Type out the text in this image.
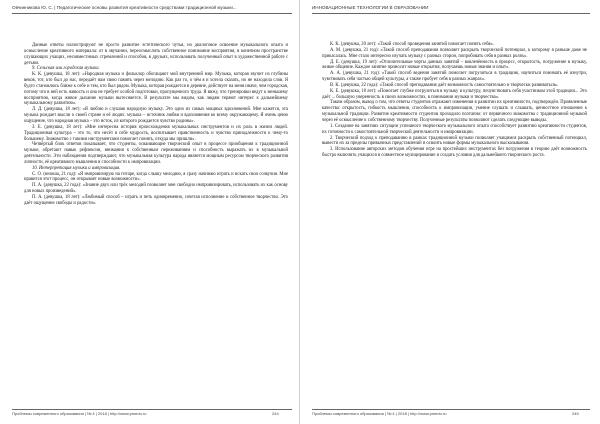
Овчинникова Ю. С. | Педагогические основы развития креативности средствами традиционной музыки...

Данные ответы иллюстрируют не просто развитие эстетического чутья, но диалоговое освоение музыкального опыта и осмысление креативного материала: от в звучании, переосмыслить собственное понимание восприятия, в конечном пространстве слушающих учащих, несовместимых стремлений и способов, в друзьях, использовать полученный опыт в художественной работе с детьми.

9. Сельская или городская музыка.

К. К. (девушка, 18 лет): «Народная музыка и фольклор обогащают мой внутренний мир. Музыка, которая звучит из глубины веков, тот, кто был до нас, передаёт нам свою память через мелодию. Как раз то, о чём я и хотела сказать, но не находила слов. Я будто становлюсь ближе к себе и тем, кто был рядом. Музыка, которая рождается в деревне, действует на меня иначе, чем городская, потому что в ней есть живость и она не требует особой подготовки, пропущенного труда. Я вижу, что тренировки ведут к меньшему восприятию, когда живое дыхание музыки вытесняется. В результате мы видим, как людям теряют интерес к дальнейшему музыкальному развитию».

Л. Д. (девушка, 18 лет): «Я люблю и слушаю народную музыку. Это одно из самых мощных вдохновений. Мне кажется, эта музыка рождает мысли о своей стране и её людях: музыка – источник любви и вдохновения ко всему окружающему. Я очень ценю ощущение, что народная музыка – это исток, из которого рождается чувство родины».

З. Е. (девушка, 18 лет): «Мне интересна история происхождения музыкальных инструментов и их роль в жизни людей. Традиционная культура – это то, что несёт в себе мудрость, воспитывает нравственность и чувство принадлежности к чему-то большему. Знакомство с такими инструментами помогает понять, откуда мы пришли».

Четвёртый блок ответов показывает, что студенты, осваивающие творческий опыт в процессе приобщения к традиционной музыке, обретают навык рефлексии, внимания к собственным переживаниям и способность выражать их в музыкальной деятельности. Эти наблюдения подтверждают, что музыкальная культура народа является мощным ресурсом творческого развития личности, её креативного мышления и способности к импровизации.

10. Интерпретация музыки и импровизация.

С. О. (юноша, 21 год): «Я импровизирую на гитаре, когда слышу мелодию, я сразу начинаю играть и искать свои созвучия. Мне нравится этот процесс, он открывает новые возможности».

П. А. (девушка, 22 года): «Знание двух или трёх мелодий позволяет мне свободно импровизировать, использовать их как основу для новых произведений».

П. А. (девушка, 18 лет): «Любимый способ – играть и петь одновременно, сочетая исполнение и собственное творчество. Это даёт ощущение свободы и радости».

Проблемы современного образования | № 4 | 2018 | http://www.pmedu.ru	244
ИННОВАЦИОННЫЕ ТЕХНОЛОГИИ В ОБРАЗОВАНИИ

К. К. (девушка, 20 лет): «Такой способ проведения занятий помогает понять себя».

А. М. (девушка, 21 год): «Такой способ преподавания позволяет раскрыть творческий потенциал, к которому я раньше даже не прикасалась. Мне стало интересно изучать музыку с разных сторон, попробовать себя в разных ролях».

Д. Е. (девушка, 19 лет): «Отличительные черты данных занятий – вовлечённость в процесс, открытость, погружение в музыку, живое общение. Каждое занятие приносит новые открытия, получаешь новые знания и опыт».

А. А. (девушка, 21 год): «Такой способ ведения занятий помогает погрузиться в традицию, научиться понимать её изнутри, чувствовать себя частью общей культуры, а также пробует себя в разных жанрах».

В. К. (девушка, 22 года): «Такой способ преподавания даёт возможность самостоятельно и творчески развиваться».

К. Е. (девушка, 18 лет): «Помогает глубже погрузиться в музыку и культуру, почувствовать себя участником этой традиции... Это даёт ... большую уверенность в своих возможностях, в понимании музыки и творчества».

Таким образом, вывод о том, что ответы студентов отражают изменения в развитии их креативности, подтверждён. Проявленные качества: открытость, гибкость мышления, способность к импровизации, умение слушать и слышать, ценностное отношение к музыкальной традиции. Развитие креативности студентов проходило поэтапно: от первичного знакомства с традиционной музыкой через её осмысление к собственному творчеству. Полученные результаты позволяют сделать следующие выводы.

1. Создание на занятиях ситуации успешного творческого музыкального опыта способствует развитию креативности студентов, их готовности к самостоятельной творческой деятельности и импровизации.

2. Творческий подход к преподаванию в рамках традиционной музыки позволяет учащимся раскрыть собственный потенциал, вывести их за пределы привычных представлений и освоить новые формы музыкального высказывания.

3. Использование авторских методов обучения игре на простейших инструментах без погружения в теорию даёт возможность быстро включить учащихся в совместное музицирование и создать условия для дальнейшего творческого роста.

Проблемы современного образования | № 4 | 2018 | http://www.pmedu.ru	245
